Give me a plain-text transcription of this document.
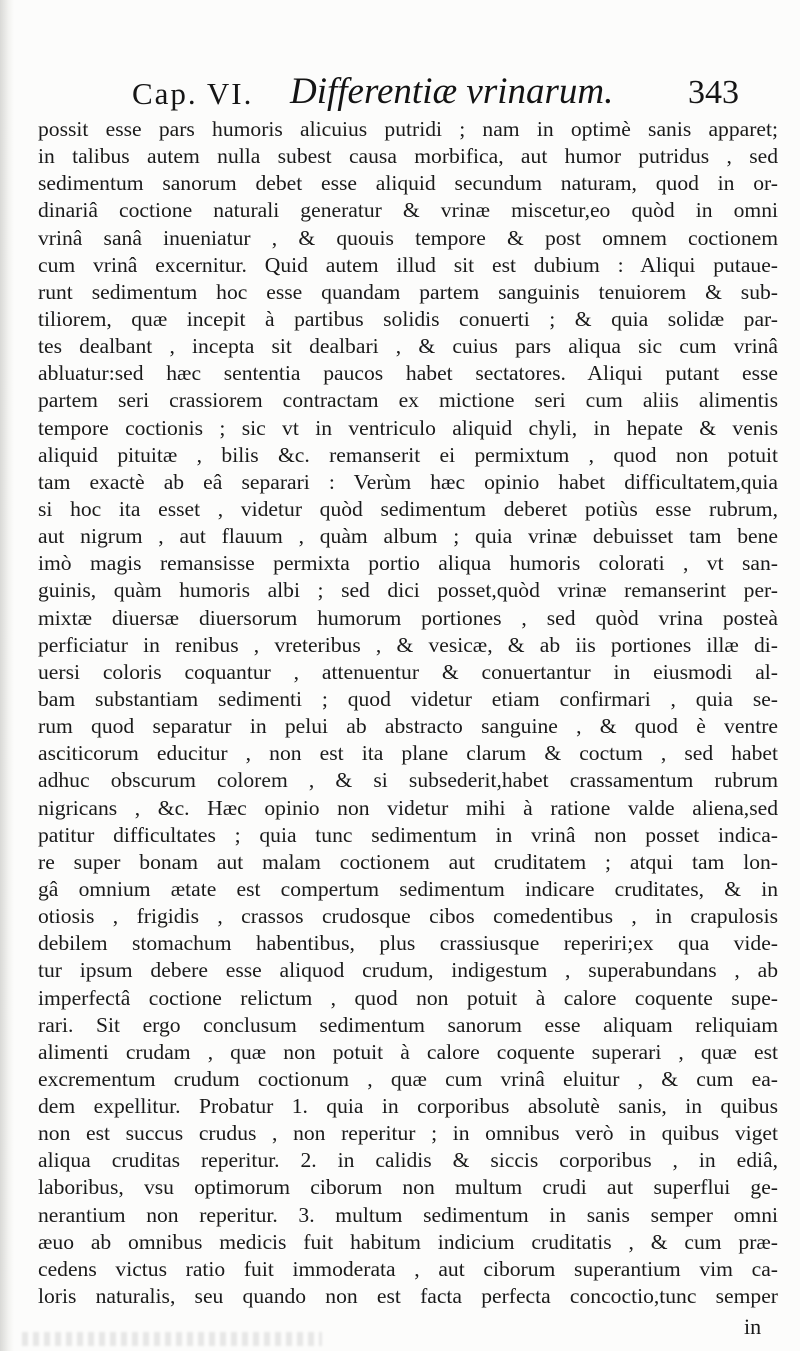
Cap. VI. Differentiæ vrinarum. 343
possit esse pars humoris alicuius putridi ; nam in optimè sanis apparet;
in talibus autem nulla subest causa morbifica, aut humor putridus , sed
sedimentum sanorum debet esse aliquid secundum naturam, quod in or-
dinariâ coctione naturali generatur & vrinæ miscetur,eo quòd in omni
vrinâ sanâ inueniatur , & quouis tempore & post omnem coctionem
cum vrinâ excernitur. Quid autem illud sit est dubium : Aliqui putaue-
runt sedimentum hoc esse quandam partem sanguinis tenuiorem & sub-
tiliorem, quæ incepit à partibus solidis conuerti ; & quia solidæ par-
tes dealbant , incepta sit dealbari , & cuius pars aliqua sic cum vrinâ
abluatur:sed hæc sententia paucos habet sectatores. Aliqui putant esse
partem seri crassiorem contractam ex mictione seri cum aliis alimentis
tempore coctionis ; sic vt in ventriculo aliquid chyli, in hepate & venis
aliquid pituitæ , bilis &c. remanserit ei permixtum , quod non potuit
tam exactè ab eâ separari : Verùm hæc opinio habet difficultatem,quia
si hoc ita esset , videtur quòd sedimentum deberet potiùs esse rubrum,
aut nigrum , aut flauum , quàm album ; quia vrinæ debuisset tam bene
imò magis remansisse permixta portio aliqua humoris colorati , vt san-
guinis, quàm humoris albi ; sed dici posset,quòd vrinæ remanserint per-
mixtæ diuersæ diuersorum humorum portiones , sed quòd vrina posteà
perficiatur in renibus , vreteribus , & vesicæ, & ab iis portiones illæ di-
uersi coloris coquantur , attenuentur & conuertantur in eiusmodi al-
bam substantiam sedimenti ; quod videtur etiam confirmari , quia se-
rum quod separatur in pelui ab abstracto sanguine , & quod è ventre
asciticorum educitur , non est ita plane clarum & coctum , sed habet
adhuc obscurum colorem , & si subsederit,habet crassamentum rubrum
nigricans , &c. Hæc opinio non videtur mihi à ratione valde aliena,sed
patitur difficultates ; quia tunc sedimentum in vrinâ non posset indica-
re super bonam aut malam coctionem aut cruditatem ; atqui tam lon-
gâ omnium ætate est compertum sedimentum indicare cruditates, & in
otiosis , frigidis , crassos crudosque cibos comedentibus , in crapulosis
debilem stomachum habentibus, plus crassiusque reperiri;ex qua vide-
tur ipsum debere esse aliquod crudum, indigestum , superabundans , ab
imperfectâ coctione relictum , quod non potuit à calore coquente supe-
rari. Sit ergo conclusum sedimentum sanorum esse aliquam reliquiam
alimenti crudam , quæ non potuit à calore coquente superari , quæ est
excrementum crudum coctionum , quæ cum vrinâ eluitur , & cum ea-
dem expellitur. Probatur 1. quia in corporibus absolutè sanis, in quibus
non est succus crudus , non reperitur ; in omnibus verò in quibus viget
aliqua cruditas reperitur. 2. in calidis & siccis corporibus , in ediâ,
laboribus, vsu optimorum ciborum non multum crudi aut superflui ge-
nerantium non reperitur. 3. multum sedimentum in sanis semper omni
æuo ab omnibus medicis fuit habitum indicium cruditatis , & cum præ-
cedens victus ratio fuit immoderata , aut ciborum superantium vim ca-
loris naturalis, seu quando non est facta perfecta concoctio,tunc semper
in
